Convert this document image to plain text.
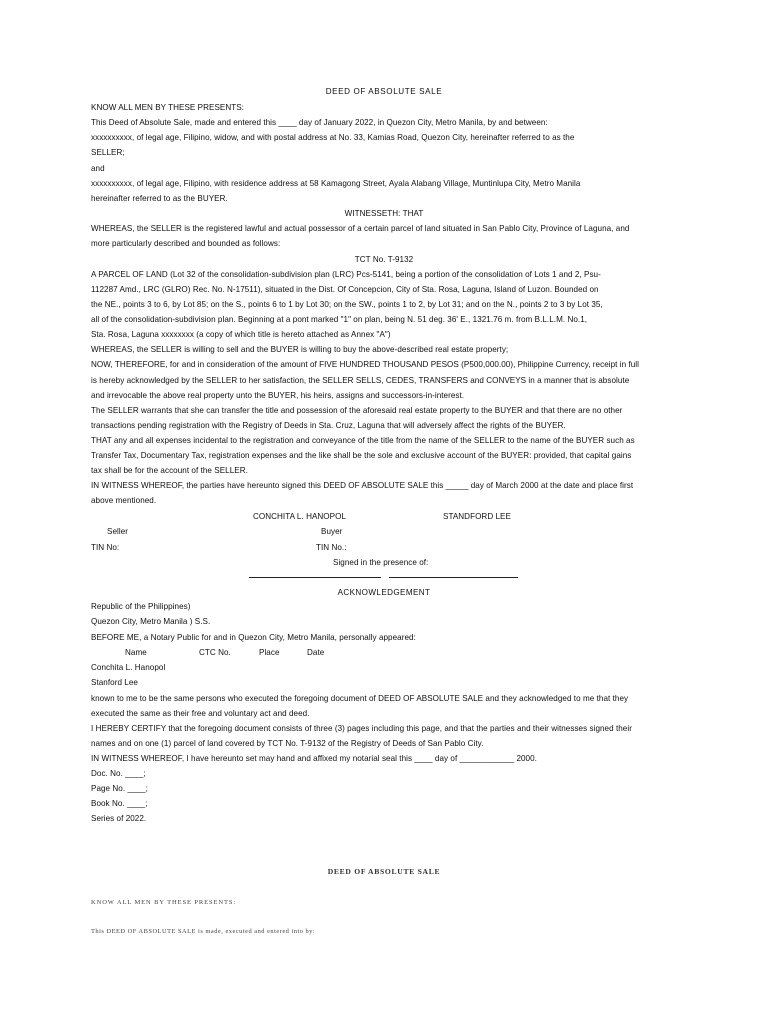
DEED OF ABSOLUTE SALE
KNOW ALL MEN BY THESE PRESENTS:
This Deed of Absolute Sale, made and entered this ____ day of January 2022, in Quezon City, Metro Manila, by and between:
xxxxxxxxxx, of legal age, Filipino, widow, and with postal address at No. 33, Kamias Road, Quezon City, hereinafter referred to as the
SELLER;
and
xxxxxxxxxx, of legal age, Filipino, with residence address at 58 Kamagong Street, Ayala Alabang Village, Muntinlupa City, Metro Manila
hereinafter referred to as the BUYER.
WITNESSETH: THAT
WHEREAS, the SELLER is the registered lawful and actual possessor of a certain parcel of land situated in San Pablo City, Province of Laguna, and
more particularly described and bounded as follows:
TCT No. T-9132
A PARCEL OF LAND (Lot 32 of the consolidation-subdivision plan (LRC) Pcs-5141, being a portion of the consolidation of Lots 1 and 2, Psu-
112287 Amd., LRC (GLRO) Rec. No. N-17511), situated in the Dist. Of Concepcion, City of Sta. Rosa, Laguna, Island of Luzon. Bounded on
the NE., points 3 to 6, by Lot 85; on the S., points 6 to 1 by Lot 30; on the SW., points 1 to 2, by Lot 31; and on the N., points 2 to 3 by Lot 35,
all of the consolidation-subdivision plan. Beginning at a pont marked "1" on plan, being N. 51 deg. 36' E., 1321.76 m. from B.L.L.M. No.1,
Sta. Rosa, Laguna xxxxxxxx (a copy of which title is hereto attached as Annex "A")
WHEREAS, the SELLER is willing to sell and the BUYER is willing to buy the above-described real estate property;
NOW, THEREFORE, for and in consideration of the amount of FIVE HUNDRED THOUSAND PESOS (P500,000.00), Philippine Currency, receipt in full
is hereby acknowledged by the SELLER to her satisfaction, the SELLER SELLS, CEDES, TRANSFERS and CONVEYS in a manner that is absolute
and irrevocable the above real property unto the BUYER, his heirs, assigns and successors-in-interest.
The SELLER warrants that she can transfer the title and possession of the aforesaid real estate property to the BUYER and that there are no other
transactions pending registration with the Registry of Deeds in Sta. Cruz, Laguna that will adversely affect the rights of the BUYER.
THAT any and all expenses incidental to the registration and conveyance of the title from the name of the SELLER to the name of the BUYER such as
Transfer Tax, Documentary Tax, registration expenses and the like shall be the sole and exclusive account of the BUYER: provided, that capital gains
tax shall be for the account of the SELLER.
IN WITNESS WHEREOF, the parties have hereunto signed this DEED OF ABSOLUTE SALE this _____ day of March 2000 at the date and place first
above mentioned.
CONCHITA L. HANOPOL	STANDFORD LEE
Seller	Buyer
TIN No:	TIN No.:
Signed in the presence of:
ACKNOWLEDGEMENT
Republic of the Philippines)
Quezon City, Metro Manila ) S.S.
BEFORE ME, a Notary Public for and in Quezon City, Metro Manila, personally appeared:
Name	CTC No.	Place	Date
Conchita L. Hanopol
Stanford Lee
known to me to be the same persons who executed the foregoing document of DEED OF ABSOLUTE SALE and they acknowledged to me that they
executed the same as their free and voluntary act and deed.
I HEREBY CERTIFY that the foregoing document consists of three (3) pages including this page, and that the parties and their witnesses signed their
names and on one (1) parcel of land covered by TCT No. T-9132 of the Registry of Deeds of San Pablo City.
IN WITNESS WHEREOF, I have hereunto set may hand and affixed my notarial seal this ____ day of ____________ 2000.
Doc. No. ____;
Page No. ____;
Book No. ____;
Series of 2022.
DEED OF ABSOLUTE SALE
KNOW ALL MEN BY THESE PRESENTS:
This DEED OF ABSOLUTE SALE is made, executed and entered into by:
